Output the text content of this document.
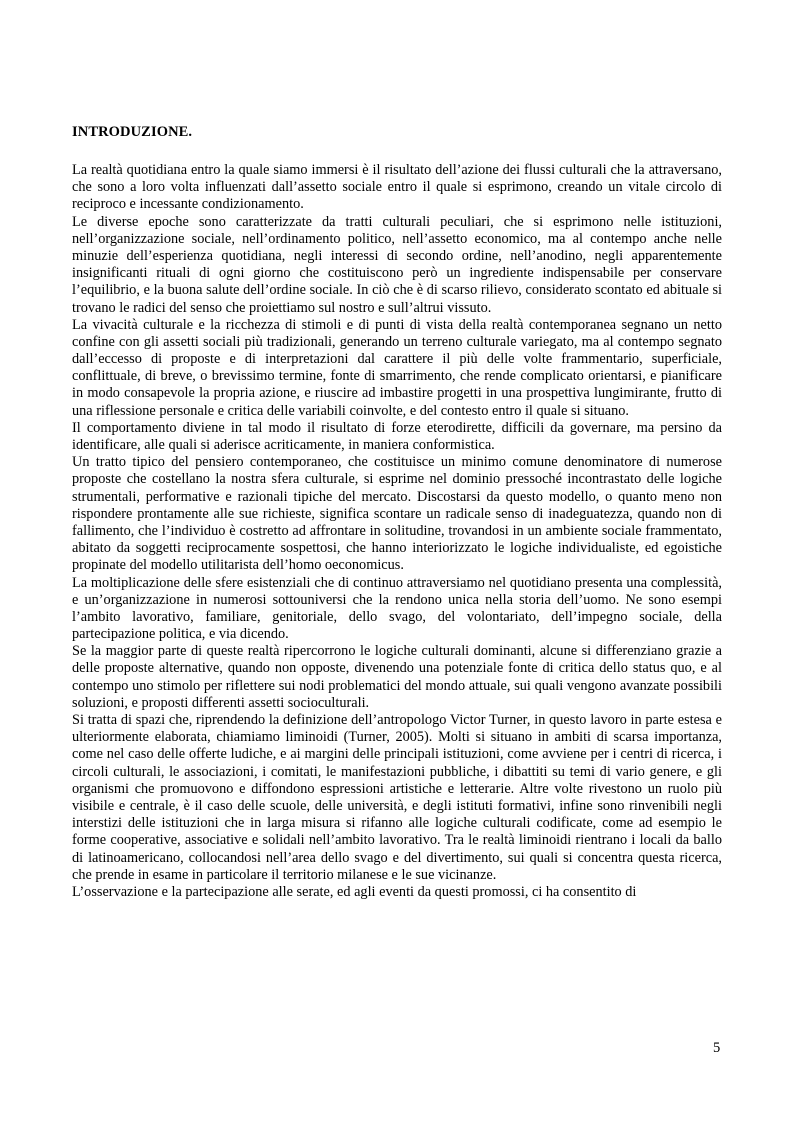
INTRODUZIONE.

La realtà quotidiana entro la quale siamo immersi è il risultato dell’azione dei flussi culturali che la attraversano, che sono a loro volta influenzati dall’assetto sociale entro il quale si esprimono, creando un vitale circolo di reciproco e incessante condizionamento.

Le diverse epoche sono caratterizzate da tratti culturali peculiari, che si esprimono nelle istituzioni, nell’organizzazione sociale, nell’ordinamento politico, nell’assetto economico, ma al contempo anche nelle minuzie dell’esperienza quotidiana, negli interessi di secondo ordine, nell’anodino, negli apparentemente insignificanti rituali di ogni giorno che costituiscono però un ingrediente indispensabile per conservare l’equilibrio, e la buona salute dell’ordine sociale. In ciò che è di scarso rilievo, considerato scontato ed abituale si trovano le radici del senso che proiettiamo sul nostro e sull’altrui vissuto.

La vivacità culturale e la ricchezza di stimoli e di punti di vista della realtà contemporanea segnano un netto confine con gli assetti sociali più tradizionali, generando un terreno culturale variegato, ma al contempo segnato dall’eccesso di proposte e di interpretazioni dal carattere il più delle volte frammentario, superficiale, conflittuale, di breve, o brevissimo termine, fonte di smarrimento, che rende complicato orientarsi, e pianificare in modo consapevole la propria azione, e riuscire ad imbastire progetti in una prospettiva lungimirante, frutto di una riflessione personale e critica delle variabili coinvolte, e del contesto entro il quale si situano.

Il comportamento diviene in tal modo il risultato di forze eterodirette, difficili da governare, ma persino da identificare, alle quali si aderisce acriticamente, in maniera conformistica.

Un tratto tipico del pensiero contemporaneo, che costituisce un minimo comune denominatore di numerose proposte che costellano la nostra sfera culturale, si esprime nel dominio pressoché incontrastato delle logiche strumentali, performative e razionali tipiche del mercato. Discostarsi da questo modello, o quanto meno non rispondere prontamente alle sue richieste, significa scontare un radicale senso di inadeguatezza, quando non di fallimento, che l’individuo è costretto ad affrontare in solitudine, trovandosi in un ambiente sociale frammentato, abitato da soggetti reciprocamente sospettosi, che hanno interiorizzato le logiche individualiste, ed egoistiche propinate del modello utilitarista dell’homo oeconomicus.

La moltiplicazione delle sfere esistenziali che di continuo attraversiamo nel quotidiano presenta una complessità, e un’organizzazione in numerosi sottouniversi che la rendono unica nella storia dell’uomo. Ne sono esempi l’ambito lavorativo, familiare, genitoriale, dello svago, del volontariato, dell’impegno sociale, della partecipazione politica, e via dicendo.

Se la maggior parte di queste realtà ripercorrono le logiche culturali dominanti, alcune si differenziano grazie a delle proposte alternative, quando non opposte, divenendo una potenziale fonte di critica dello status quo, e al contempo uno stimolo per riflettere sui nodi problematici del mondo attuale, sui quali vengono avanzate possibili soluzioni, e proposti differenti assetti socioculturali.

Si tratta di spazi che, riprendendo la definizione dell’antropologo Victor Turner, in questo lavoro in parte estesa e ulteriormente elaborata, chiamiamo liminoidi (Turner, 2005). Molti si situano in ambiti di scarsa importanza, come nel caso delle offerte ludiche, e ai margini delle principali istituzioni, come avviene per i centri di ricerca, i circoli culturali, le associazioni, i comitati, le manifestazioni pubbliche, i dibattiti su temi di vario genere, e gli organismi che promuovono e diffondono espressioni artistiche e letterarie. Altre volte rivestono un ruolo più visibile e centrale, è il caso delle scuole, delle università, e degli istituti formativi, infine sono rinvenibili negli interstizi delle istituzioni che in larga misura si rifanno alle logiche culturali codificate, come ad esempio le forme cooperative, associative e solidali nell’ambito lavorativo. Tra le realtà liminoidi rientrano i locali da ballo di latinoamericano, collocandosi nell’area dello svago e del divertimento, sui quali si concentra questa ricerca, che prende in esame in particolare il territorio milanese e le sue vicinanze.

L’osservazione e la partecipazione alle serate, ed agli eventi da questi promossi, ci ha consentito di

5
